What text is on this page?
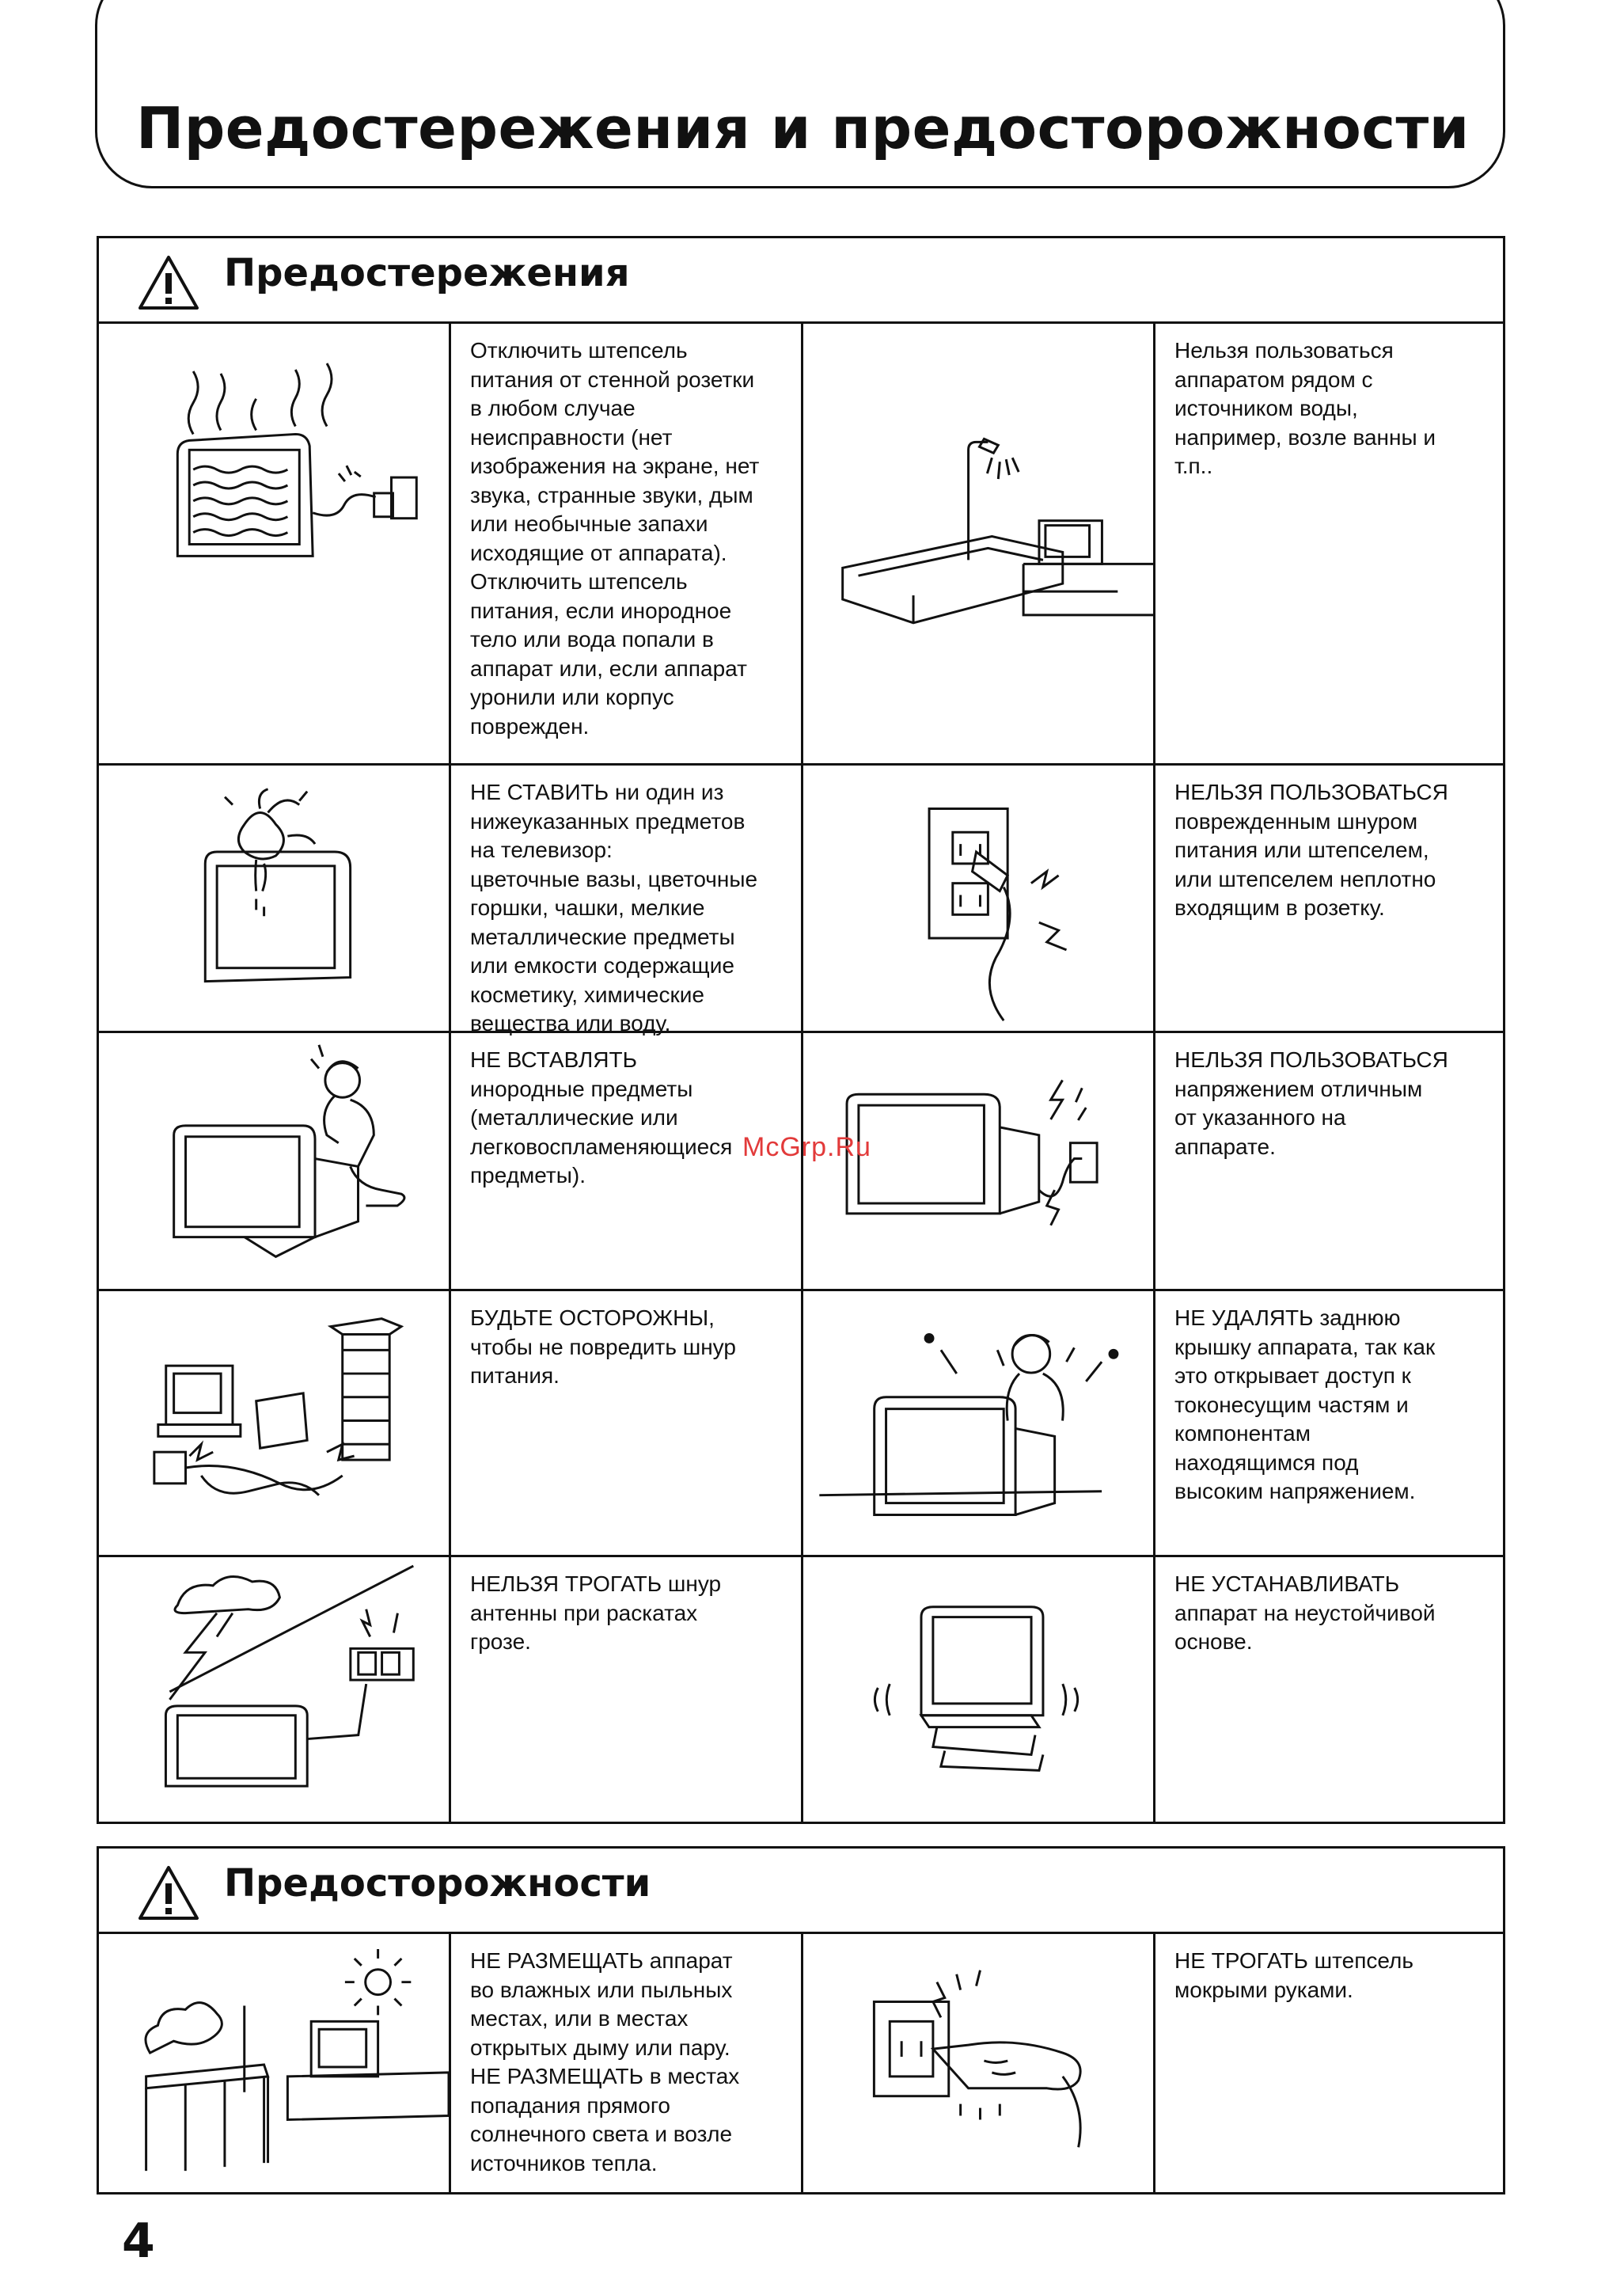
Предостережения и предосторожности
Предостережения
Отключить штепсель
питания от стенной розетки
в любом случае
неисправности (нет
изображения на экране, нет
звука, странные звуки, дым
или необычные запахи
исходящие от аппарата).
Отключить штепсель
питания, если инородное
тело или вода попали в
аппарат или, если аппарат
уронили или корпус
поврежден.
Нельзя пользоваться
аппаратом рядом с
источником воды,
например, возле ванны и
т.п..
НЕ СТАВИТЬ ни один из
нижеуказанных предметов
на телевизор:
цветочные вазы, цветочные
горшки, чашки, мелкие
металлические предметы
или емкости содержащие
косметику, химические
вещества или воду.
НЕЛЬЗЯ ПОЛЬЗОВАТЬСЯ
поврежденным шнуром
питания или штепселем,
или штепселем неплотно
входящим в розетку.
НЕ ВСТАВЛЯТЬ
инородные предметы
(металлические или
легковоспламеняющиеся
предметы).
НЕЛЬЗЯ ПОЛЬЗОВАТЬСЯ
напряжением отличным
от указанного на
аппарате.
БУДЬТЕ ОСТОРОЖНЫ,
чтобы не повредить шнур
питания.
НЕ УДАЛЯТЬ заднюю
крышку аппарата, так как
это открывает доступ к
токонесущим частям и
компонентам
находящимся под
высоким напряжением.
НЕЛЬЗЯ ТРОГАТЬ шнур
антенны при раскатах
грозе.
НЕ УСТАНАВЛИВАТЬ
аппарат на неустойчивой
основе.
Предосторожности
НЕ РАЗМЕЩАТЬ аппарат
во влажных или пыльных
местах, или в местах
открытых дыму или пару.
НЕ РАЗМЕЩАТЬ в местах
попадания прямого
солнечного света и возле
источников тепла.
НЕ ТРОГАТЬ штепсель
мокрыми руками.
McGrp.Ru
4
